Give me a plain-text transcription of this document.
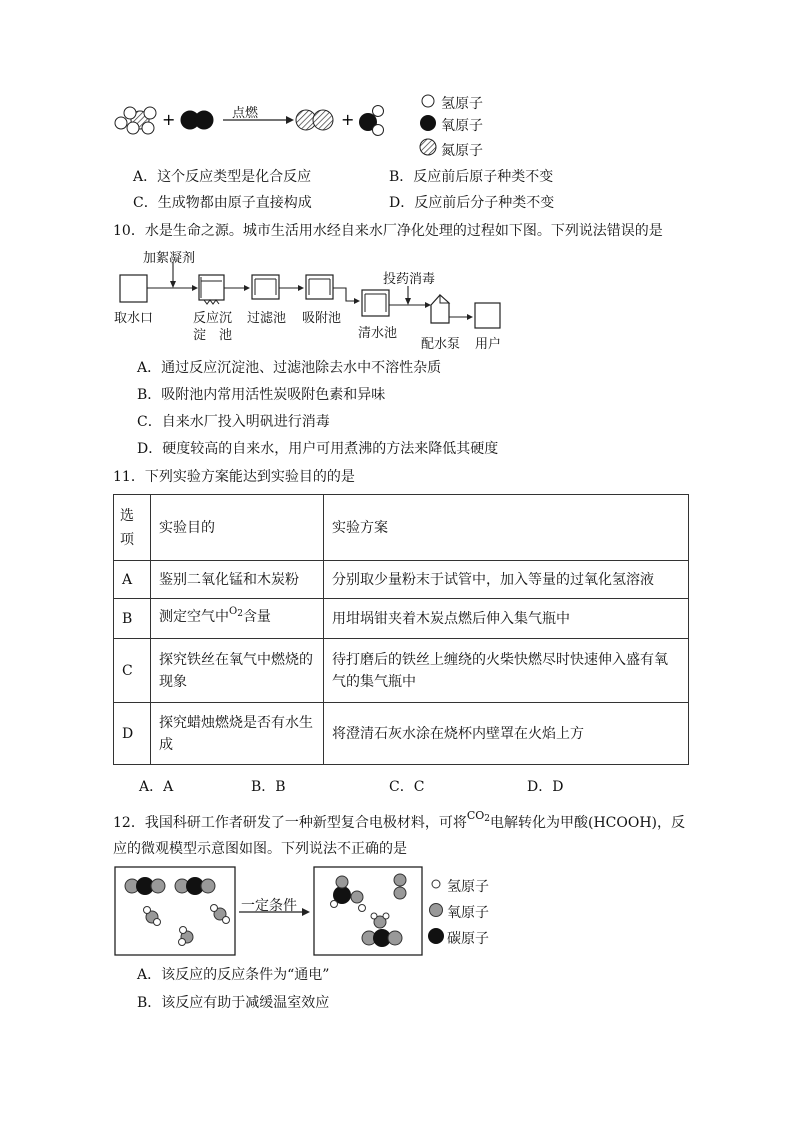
+	+
点燃
氢原子
氧原子
氮原子
A．这个反应类型是化合反应	B．反应前后原子种类不变
C．生成物都由原子直接构成	D．反应前后分子种类不变
10．水是生命之源。城市生活用水经自来水厂净化处理的过程如下图。下列说法错误的是
加絮凝剂
投药消毒
取水口	反应沉
淀　池
过滤池 吸附池
清水池
配水泵 用户
A．通过反应沉淀池、过滤池除去水中不溶性杂质
B．吸附池内常用活性炭吸附色素和异味
C．自来水厂投入明矾进行消毒
D．硬度较高的自来水，用户可用煮沸的方法来降低其硬度
11．下列实验方案能达到实验目的的是
选项	实验目的	实验方案
A	鉴别二氧化锰和木炭粉	分别取少量粉末于试管中，加入等量的过氧化氢溶液
B	测定空气中$^{O2}$含量	用坩埚钳夹着木炭点燃后伸入集气瓶中
C	探究铁丝在氧气中燃烧的现象	待打磨后的铁丝上缠绕的火柴快燃尽时快速伸入盛有氧气的集气瓶中
D	探究蜡烛燃烧是否有水生成	将澄清石灰水涂在烧杯内壁罩在火焰上方
A．A	B．B	C．C	D．D
12．我国科研工作者研发了一种新型复合电极材料，可将$^{CO_2}$电解转化为甲酸(HCOOH)，反
应的微观模型示意图如图。下列说法不正确的是
一定条件
氢原子
氧原子
碳原子
A．该反应的反应条件为“通电”
B．该反应有助于减缓温室效应
